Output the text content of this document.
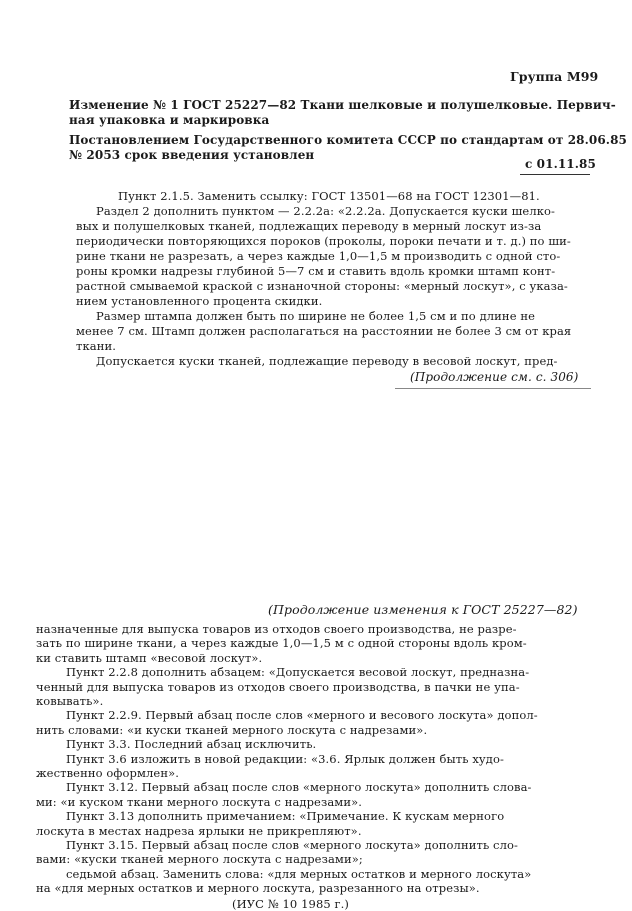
Группа М99
Изменение № 1 ГОСТ 25227—82 Ткани шелковые и полушелковые. Первич-
ная упаковка и маркировка
Постановлением Государственного комитета СССР по стандартам от 28.06.85
№ 2053 срок введения установлен
с 01.11.85
Пункт 2.1.5. Заменить ссылку: ГОСТ 13501—68 на ГОСТ 12301—81.
Раздел 2 дополнить пунктом — 2.2.2а: «2.2.2а. Допускается куски шелко-
вых и полушелковых тканей, подлежащих переводу в мерный лоскут из-за
периодически повторяющихся пороков (проколы, пороки печати и т. д.) по ши-
рине ткани не разрезать, а через каждые 1,0—1,5 м производить с одной сто-
роны кромки надрезы глубиной 5—7 см и ставить вдоль кромки штамп конт-
растной смываемой краской с изнаночной стороны: «мерный лоскут», с указа-
нием установленного процента скидки.
Размер штампа должен быть по ширине не более 1,5 см и по длине не
менее 7 см. Штамп должен располагаться на расстоянии не более 3 см от края
ткани.
Допускается куски тканей, подлежащие переводу в весовой лоскут, пред-
(Продолжение см. с. 306)
(Продолжение изменения к ГОСТ 25227—82)
назначенные для выпуска товаров из отходов своего производства, не разре-
зать по ширине ткани, а через каждые 1,0—1,5 м с одной стороны вдоль кром-
ки ставить штамп «весовой лоскут».
Пункт 2.2.8 дополнить абзацем: «Допускается весовой лоскут, предназна-
ченный для выпуска товаров из отходов своего производства, в пачки не упа-
ковывать».
Пункт 2.2.9. Первый абзац после слов «мерного и весового лоскута» допол-
нить словами: «и куски тканей мерного лоскута с надрезами».
Пункт 3.3. Последний абзац исключить.
Пункт 3.6 изложить в новой редакции: «3.6. Ярлык должен быть худо-
жественно оформлен».
Пункт 3.12. Первый абзац после слов «мерного лоскута» дополнить слова-
ми: «и куском ткани мерного лоскута с надрезами».
Пункт 3.13 дополнить примечанием: «Примечание. К кускам мерного
лоскута в местах надреза ярлыки не прикрепляют».
Пункт 3.15. Первый абзац после слов «мерного лоскута» дополнить сло-
вами: «куски тканей мерного лоскута с надрезами»;
седьмой абзац. Заменить слова: «для мерных остатков и мерного лоскута»
на «для мерных остатков и мерного лоскута, разрезанного на отрезы».
(ИУС № 10 1985 г.)
